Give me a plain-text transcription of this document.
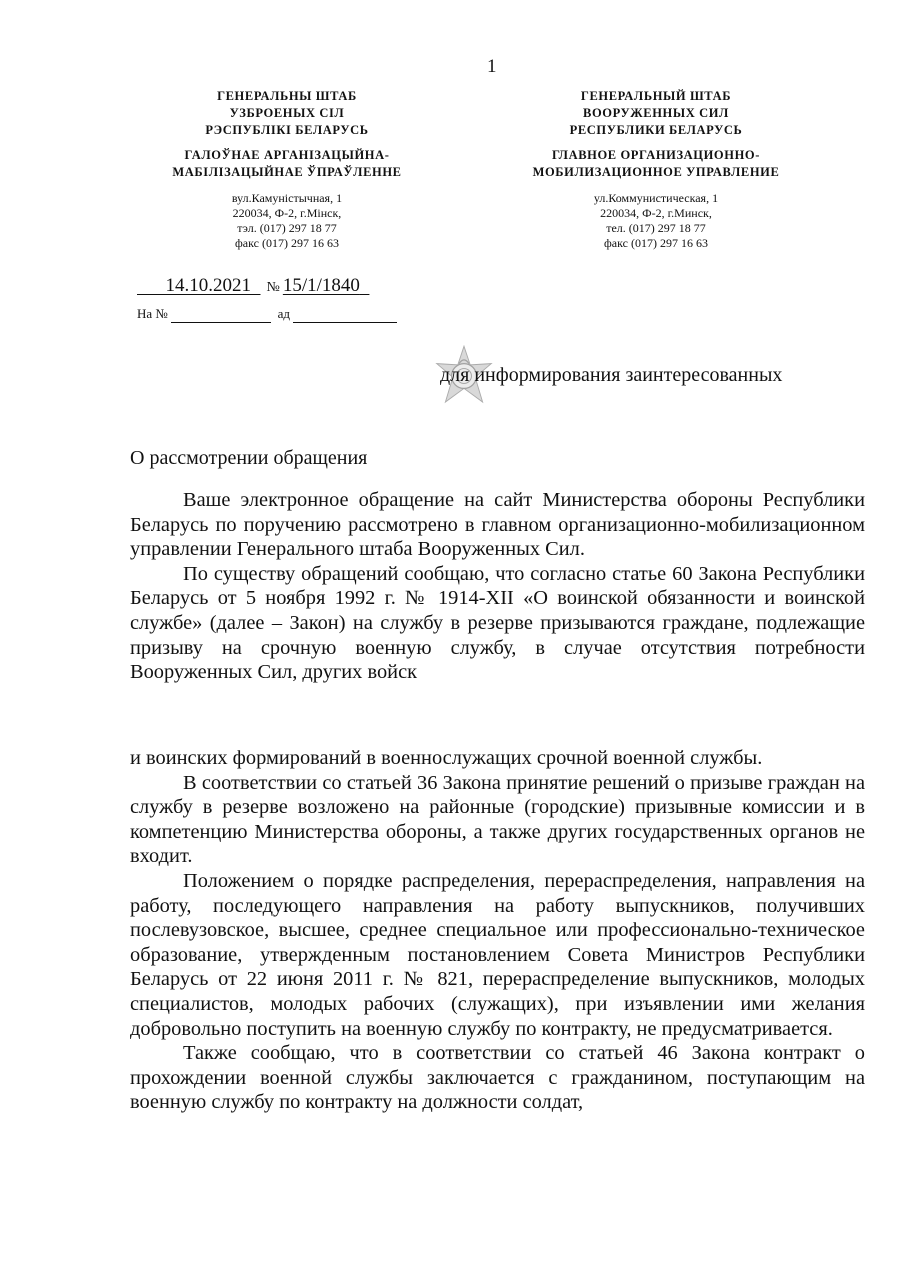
1
ГЕНЕРАЛЬНЫ ШТАБ
УЗБРОЕНЫХ СІЛ
РЭСПУБЛІКІ БЕЛАРУСЬ
ГАЛОЎНАЕ АРГАНІЗАЦЫЙНА-
МАБІЛІЗАЦЫЙНАЕ ЎПРАЎЛЕННЕ
вул.Камуністычная, 1
220034, Ф-2, г.Мінск,
тэл. (017) 297 18 77
факс (017) 297 16 63
ГЕНЕРАЛЬНЫЙ ШТАБ
ВООРУЖЕННЫХ СИЛ
РЕСПУБЛИКИ БЕЛАРУСЬ
ГЛАВНОЕ ОРГАНИЗАЦИОННО-
МОБИЛИЗАЦИОННОЕ УПРАВЛЕНИЕ
ул.Коммунистическая, 1
220034, Ф-2, г.Минск,
тел. (017) 297 18 77
факс (017) 297 16 63
  14.10.2021  № 15/1/1840 
На №	ад
для информирования заинтересованных
О рассмотрении обращения

Ваше электронное обращение на сайт Министерства обороны Республики Беларусь по поручению рассмотрено в главном организационно-мобилизационном управлении Генерального штаба Вооруженных Сил.

По существу обращений сообщаю, что согласно статье 60 Закона Республики Беларусь от 5 ноября 1992 г. № 1914-XII «О воинской обязанности и воинской службе» (далее – Закон) на службу в резерве призываются граждане, подлежащие призыву на срочную военную службу, в случае отсутствия потребности Вооруженных Сил, других войск

и воинских формирований в военнослужащих срочной военной службы.

В соответствии со статьей 36 Закона принятие решений о призыве граждан на службу в резерве возложено на районные (городские) призывные комиссии и в компетенцию Министерства обороны, а также других государственных органов не входит.

Положением о порядке распределения, перераспределения, направления на работу, последующего направления на работу выпускников, получивших послевузовское, высшее, среднее специальное или профессионально-техническое образование, утвержденным постановлением Совета Министров Республики Беларусь от 22 июня 2011 г. № 821, перераспределение выпускников, молодых специалистов, молодых рабочих (служащих), при изъявлении ими желания добровольно поступить на военную службу по контракту, не предусматривается.

Также сообщаю, что в соответствии со статьей 46 Закона контракт о прохождении военной службы заключается с гражданином, поступающим на военную службу по контракту на должности солдат,
